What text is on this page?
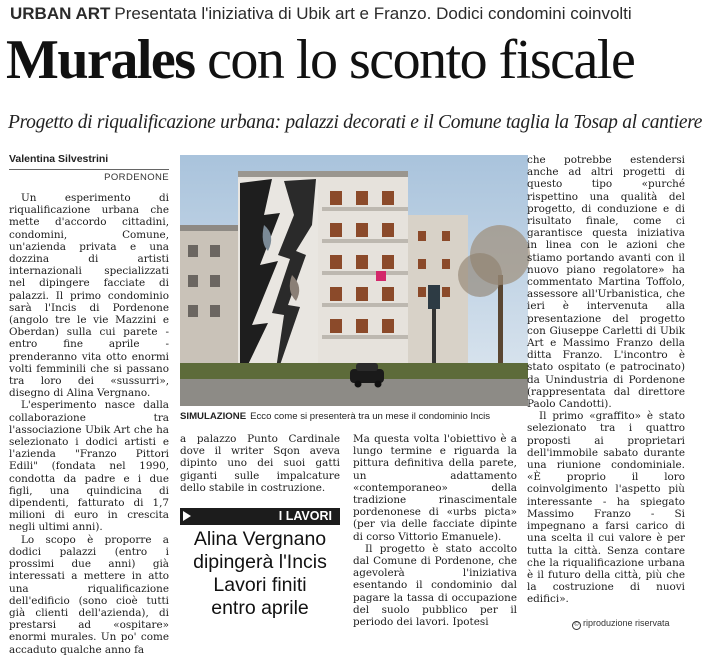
URBAN ART Presentata l'iniziativa di Ubik art e Franzo. Dodici condomini coinvolti
Murales con lo sconto fiscale
Progetto di riqualificazione urbana: palazzi decorati e il Comune taglia la Tosap al cantiere
Valentina Silvestrini
PORDENONE

Un esperimento di riqualificazione urbana che mette d'accordo cittadini, condomini, Comune, un'azienda privata e una dozzina di artisti internazionali specializzati nel dipingere facciate di palazzi. Il primo condominio sarà l'Incis di Pordenone (angolo tre le vie Mazzini e Oberdan) sulla cui parete - entro fine aprile - prenderanno vita otto enormi volti femminili che si passano tra loro dei «sussurri», disegno di Alina Vergnano.

L'esperimento nasce dalla collaborazione tra l'associazione Ubik Art che ha selezionato i dodici artisti e l'azienda "Franzo Pittori Edili" (fondata nel 1990, condotta da padre e i due figli, una quindicina di dipendenti, fatturato di 1,7 milioni di euro in crescita negli ultimi anni).

Lo scopo è proporre a dodici palazzi (entro i prossimi due anni) già interessati a mettere in atto una riqualificazione dell'edificio (sono cioè tutti già clienti dell'azienda), di prestarsi ad «ospitare» enormi murales. Un po' come accaduto qualche anno fa

SIMULAZIONE Ecco come si presenterà tra un mese il condominio Incis

a palazzo Punto Cardinale dove il writer Sqon aveva dipinto uno dei suoi gatti giganti sulle impalcature dello stabile in costruzione.

I LAVORI
Alina Vergnano
dipingerà l'Incis
Lavori finiti
entro aprile

Ma questa volta l'obiettivo è a lungo termine e riguarda la pittura definitiva della parete, un adattamento «contemporaneo» della tradizione rinascimentale pordenonese di «urbs picta» (per via delle facciate dipinte di corso Vittorio Emanuele).

Il progetto è stato accolto dal Comune di Pordenone, che agevolerà l'iniziativa esentando il condominio dal pagare la tassa di occupazione del suolo pubblico per il periodo dei lavori. Ipotesi

che potrebbe estendersi anche ad altri progetti di questo tipo «purché rispettino una qualità del progetto, di conduzione e di risultato finale, come ci garantisce questa iniziativa in linea con le azioni che stiamo portando avanti con il nuovo piano regolatore» ha commentato Martina Toffolo, assessore all'Urbanistica, che ieri è intervenuta alla presentazione del progetto con Giuseppe Carletti di Ubik Art e Massimo Franzo della ditta Franzo. L'incontro è stato ospitato (e patrocinato) da Unindustria di Pordenone (rappresentata dal direttore Paolo Candotti).

Il primo «graffito» è stato selezionato tra i quattro proposti ai proprietari dell'immobile sabato durante una riunione condominiale. «È proprio il loro coinvolgimento l'aspetto più interessante - ha spiegato Massimo Franzo - Si impegnano a farsi carico di una scelta il cui valore è per tutta la città. Senza contare che la riqualificazione urbana è il futuro della città, più che la costruzione di nuovi edifici».

© riproduzione riservata
